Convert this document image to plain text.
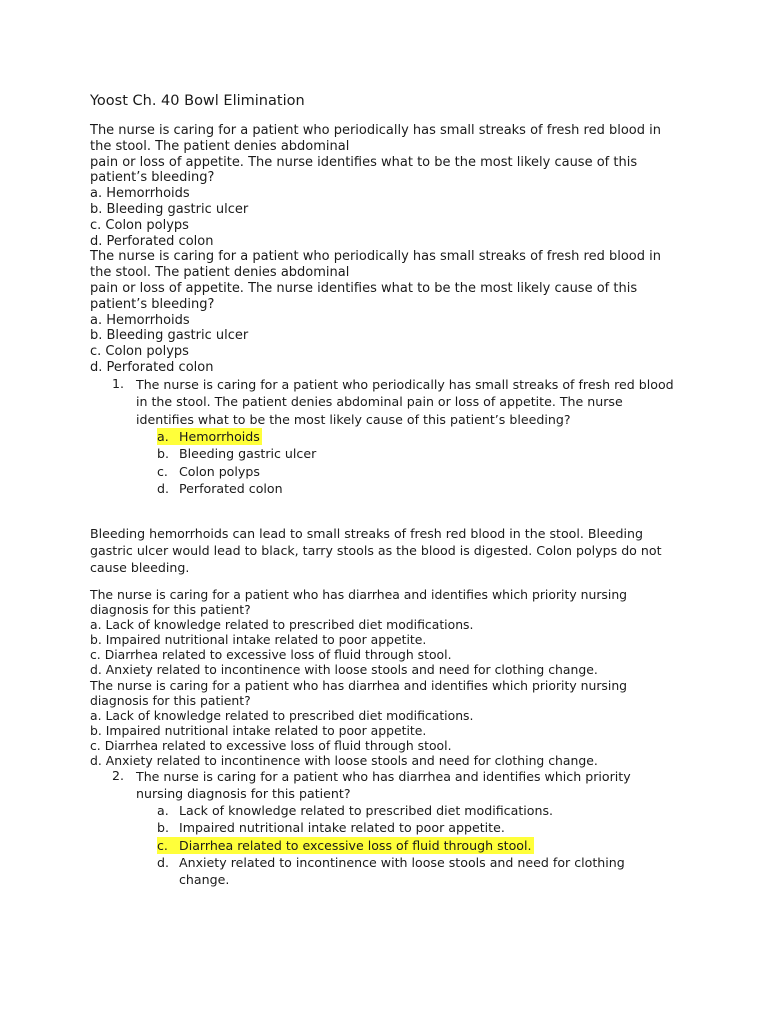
Yoost Ch. 40 Bowl Elimination
The nurse is caring for a patient who periodically has small streaks of fresh red blood in
the stool. The patient denies abdominal
pain or loss of appetite. The nurse identifies what to be the most likely cause of this
patient’s bleeding?
a. Hemorrhoids
b. Bleeding gastric ulcer
c. Colon polyps
d. Perforated colon
The nurse is caring for a patient who periodically has small streaks of fresh red blood in
the stool. The patient denies abdominal
pain or loss of appetite. The nurse identifies what to be the most likely cause of this
patient’s bleeding?
a. Hemorrhoids
b. Bleeding gastric ulcer
c. Colon polyps
d. Perforated colon
1. The nurse is caring for a patient who periodically has small streaks of fresh red blood
in the stool. The patient denies abdominal pain or loss of appetite. The nurse
identifies what to be the most likely cause of this patient’s bleeding?
a. Hemorrhoids
b. Bleeding gastric ulcer
c. Colon polyps
d. Perforated colon
Bleeding hemorrhoids can lead to small streaks of fresh red blood in the stool. Bleeding
gastric ulcer would lead to black, tarry stools as the blood is digested. Colon polyps do not
cause bleeding.
The nurse is caring for a patient who has diarrhea and identifies which priority nursing
diagnosis for this patient?
a. Lack of knowledge related to prescribed diet modifications.
b. Impaired nutritional intake related to poor appetite.
c. Diarrhea related to excessive loss of fluid through stool.
d. Anxiety related to incontinence with loose stools and need for clothing change.
The nurse is caring for a patient who has diarrhea and identifies which priority nursing
diagnosis for this patient?
a. Lack of knowledge related to prescribed diet modifications.
b. Impaired nutritional intake related to poor appetite.
c. Diarrhea related to excessive loss of fluid through stool.
d. Anxiety related to incontinence with loose stools and need for clothing change.
2. The nurse is caring for a patient who has diarrhea and identifies which priority
nursing diagnosis for this patient?
a. Lack of knowledge related to prescribed diet modifications.
b. Impaired nutritional intake related to poor appetite.
c. Diarrhea related to excessive loss of fluid through stool.
d. Anxiety related to incontinence with loose stools and need for clothing
change.
